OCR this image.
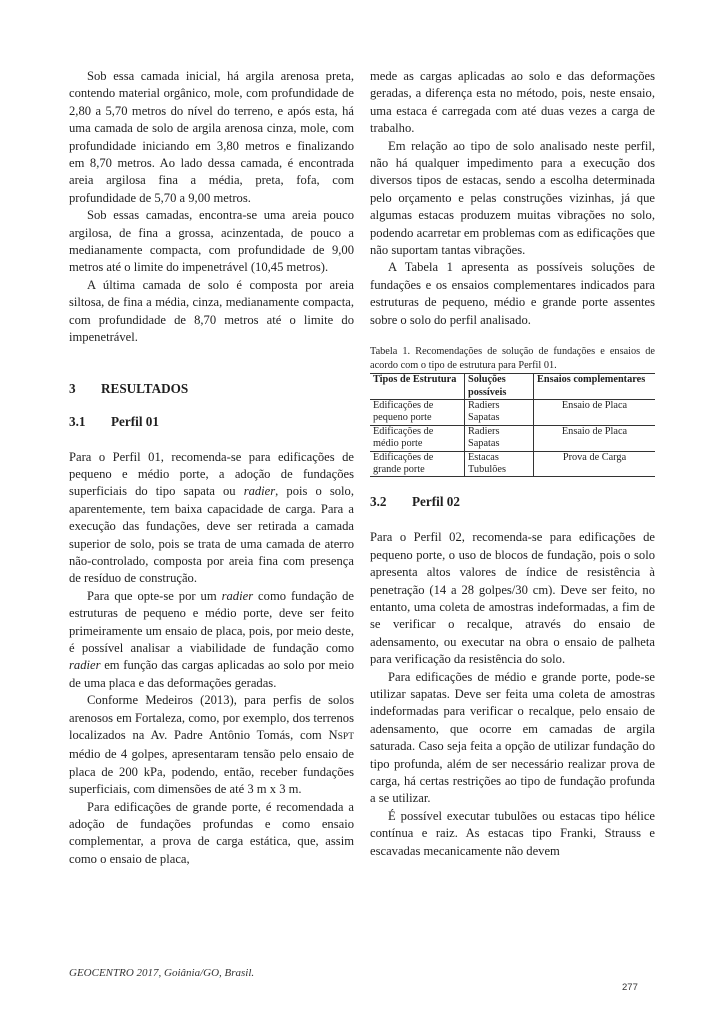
Sob essa camada inicial, há argila arenosa preta, contendo material orgânico, mole, com profundidade de 2,80 a 5,70 metros do nível do terreno, e após esta, há uma camada de solo de argila arenosa cinza, mole, com profundidade iniciando em 3,80 metros e finalizando em 8,70 metros. Ao lado dessa camada, é encontrada areia argilosa fina a média, preta, fofa, com profundidade de 5,70 a 9,00 metros.

Sob essas camadas, encontra-se uma areia pouco argilosa, de fina a grossa, acinzentada, de pouco a medianamente compacta, com profundidade de 9,00 metros até o limite do impenetrável (10,45 metros).

A última camada de solo é composta por areia siltosa, de fina a média, cinza, medianamente compacta, com profundidade de 8,70 metros até o limite do impenetrável.

3 RESULTADOS
3.1 Perfil 01

Para o Perfil 01, recomenda-se para edificações de pequeno e médio porte, a adoção de fundações superficiais do tipo sapata ou radier, pois o solo, aparentemente, tem baixa capacidade de carga. Para a execução das fundações, deve ser retirada a camada superior de solo, pois se trata de uma camada de aterro não-controlado, composta por areia fina com presença de resíduo de construção.

Para que opte-se por um radier como fundação de estruturas de pequeno e médio porte, deve ser feito primeiramente um ensaio de placa, pois, por meio deste, é possível analisar a viabilidade de fundação como radier em função das cargas aplicadas ao solo por meio de uma placa e das deformações geradas.

Conforme Medeiros (2013), para perfis de solos arenosos em Fortaleza, como, por exemplo, dos terrenos localizados na Av. Padre Antônio Tomás, com NSPT médio de 4 golpes, apresentaram tensão pelo ensaio de placa de 200 kPa, podendo, então, receber fundações superficiais, com dimensões de até 3 m x 3 m.

Para edificações de grande porte, é recomendada a adoção de fundações profundas e como ensaio complementar, a prova de carga estática, que, assim como o ensaio de placa,

mede as cargas aplicadas ao solo e das deformações geradas, a diferença esta no método, pois, neste ensaio, uma estaca é carregada com até duas vezes a carga de trabalho.

Em relação ao tipo de solo analisado neste perfil, não há qualquer impedimento para a execução dos diversos tipos de estacas, sendo a escolha determinada pelo orçamento e pelas construções vizinhas, já que algumas estacas produzem muitas vibrações no solo, podendo acarretar em problemas com as edificações que não suportam tantas vibrações.

A Tabela 1 apresenta as possíveis soluções de fundações e os ensaios complementares indicados para estruturas de pequeno, médio e grande porte assentes sobre o solo do perfil analisado.

Tabela 1. Recomendações de solução de fundações e ensaios de acordo com o tipo de estrutura para Perfil 01.

Tipos de Estrutura	Soluções possíveis	Ensaios complementares
Edificações de pequeno porte	Radiers Sapatas	Ensaio de Placa
Edificações de médio porte	Radiers Sapatas	Ensaio de Placa
Edificações de grande porte	Estacas Tubulões	Prova de Carga
3.2 Perfil 02

Para o Perfil 02, recomenda-se para edificações de pequeno porte, o uso de blocos de fundação, pois o solo apresenta altos valores de índice de resistência à penetração (14 a 28 golpes/30 cm). Deve ser feito, no entanto, uma coleta de amostras indeformadas, a fim de se verificar o recalque, através do ensaio de adensamento, ou executar na obra o ensaio de palheta para verificação da resistência do solo.

Para edificações de médio e grande porte, pode-se utilizar sapatas. Deve ser feita uma coleta de amostras indeformadas para verificar o recalque, pelo ensaio de adensamento, que ocorre em camadas de argila saturada. Caso seja feita a opção de utilizar fundação do tipo profunda, além de ser necessário realizar prova de carga, há certas restrições ao tipo de fundação profunda a se utilizar.

É possível executar tubulões ou estacas tipo hélice contínua e raiz. As estacas tipo Franki, Strauss e escavadas mecanicamente não devem

GEOCENTRO 2017, Goiânia/GO, Brasil.
277
